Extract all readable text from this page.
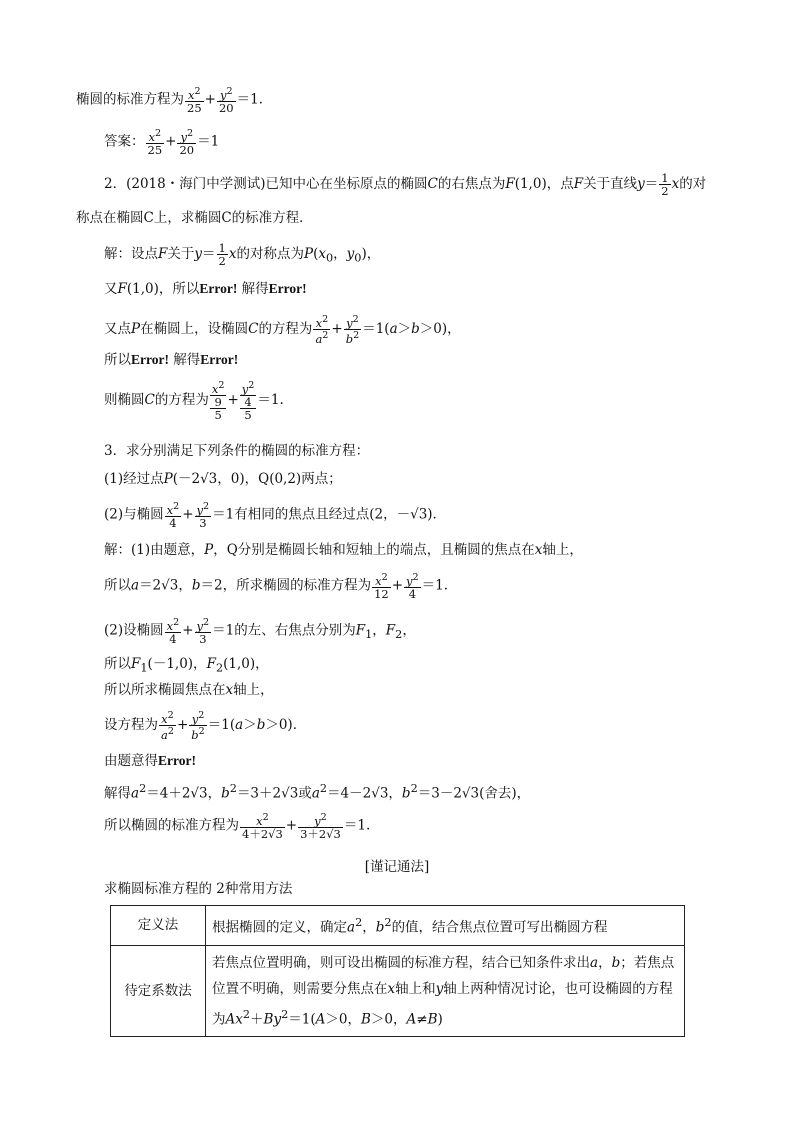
椭圆的标准方程为 $\frac{x^2}{25} + \frac{y^2}{20} =1$.
答案： $\frac{x^2}{25} + \frac{y^2}{20} =1$
2．(2018・海门中学测试)已知中心在坐标原点的椭圆C的右焦点为F(1,0)，点F关于直线$y= \frac{1}{2}$ x的对
称点在椭圆C上，求椭圆C的标准方程．
解：设点F关于$y= \frac{1}{2}$ x的对称点为$P(x_0$，$y_0$)，
又F(1,0)，所以Error! 解得Error!
又点P在椭圆上，设椭圆C的方程为 $\frac{x^2}{a^2} + \frac{y^2}{b^2} =1(a>b>0)$，
所以Error! 解得Error!
则椭圆C的方程为
$x^2$
9
5
+
$y^2$
4
5
＝1.
3．求分别满足下列条件的椭圆的标准方程：
(1)经过点P(－2√3，0)，Q(0,2)两点；
(2)与椭圆 $\frac{x^2}{4} + \frac{y^2}{3} =1$有相同的焦点且经过点(2，－√3)．
解：(1)由题意，P，Q分别是椭圆长轴和短轴上的端点，且椭圆的焦点在x轴上，
所以a＝2√3，b＝2，所求椭圆的标准方程为 $\frac{x^2}{12} + \frac{y^2}{4} =1$.
(2)设椭圆 $\frac{x^2}{4} + \frac{y^2}{3} =1$的左、右焦点分别为$F_1$，$F_2$，
所以$F_1(-1,0)$，$F_2(1,0)$，
所以所求椭圆焦点在x轴上，
设方程为 $\frac{x^2}{a^2} + \frac{y^2}{b^2} =1(a>b>0)$．
由题意得Error!
解得$a^2=4+2√3$，$b^2=3+2√3$或$a^2=4-2√3$，$b^2=3-2√3$(舍去)，
所以椭圆的标准方程为 $\frac{x^2}{4+2√3} + \frac{y^2}{3+2√3} =1$.
[谨记通法]
求椭圆标准方程的 2种常用方法
定义法	根据椭圆的定义，确定$a^2$，$b^2$的值，结合焦点位置可写出椭圆方程
待定系数法	若焦点位置明确，则可设出椭圆的标准方程，结合已知条件求出a，b；若焦点位置不明确，则需要分焦点在x轴上和y轴上两种情况讨论，也可设椭圆的方程为$Ax^2+By^2=1(A>0$，B＞0，A≠B)
